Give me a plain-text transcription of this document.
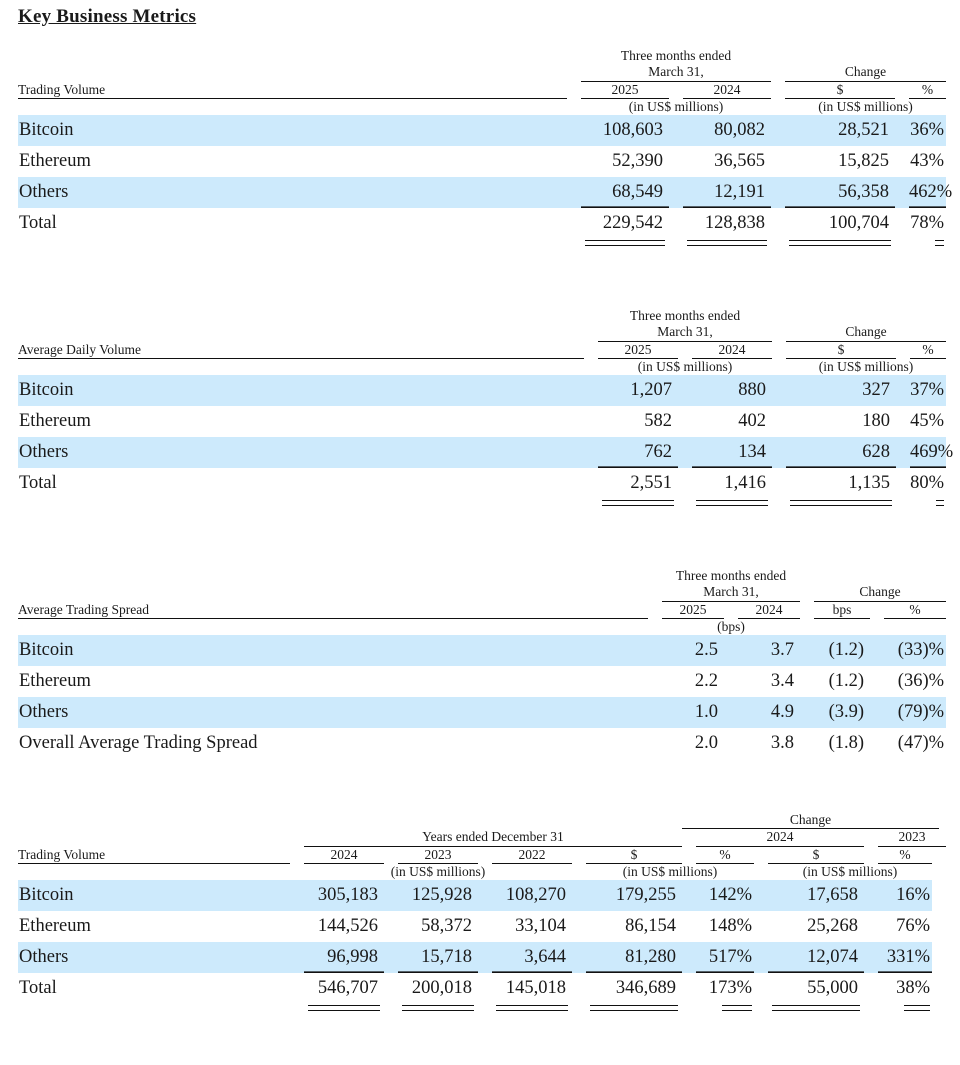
Key Business Metrics
		Three months ended
March 31,				Change		
Trading Volume		2025		2024		$		%
		(in US$ millions)				(in US$ millions)		
Bitcoin		108,603		80,082		28,521		36%
Ethereum		52,390		36,565		15,825		43%
Others		68,549		12,191		56,358		462%
Total		229,542		128,838		100,704		78%
		Three months ended
March 31,				Change		
Average Daily Volume		2025		2024		$		%
		(in US$ millions)				(in US$ millions)		
Bitcoin		1,207		880		327		37%
Ethereum		582		402		180		45%
Others		762		134		628		469%
Total		2,551		1,416		1,135		80%
		Three months ended
March 31,				Change		
Average Trading Spread		2025		2024		bps		%
		(bps)						
Bitcoin		2.5		3.7		(1.2)		(33)%
Ethereum		2.2		3.4		(1.2)		(36)%
Others		1.0		4.9		(3.9)		(79)%
Overall Average Trading Spread		2.0		3.8		(1.8)		(47)%
									Change					
		Years ended December 31								2024				2023
Trading Volume		2024		2023		2022		$		%		$		%
		(in US$ millions)						(in US$ millions)				(in US$ millions)		
Bitcoin		305,183		125,928		108,270		179,255		142%		17,658		16%
Ethereum		144,526		58,372		33,104		86,154		148%		25,268		76%
Others		96,998		15,718		3,644		81,280		517%		12,074		331%
Total		546,707		200,018		145,018		346,689		173%		55,000		38%
